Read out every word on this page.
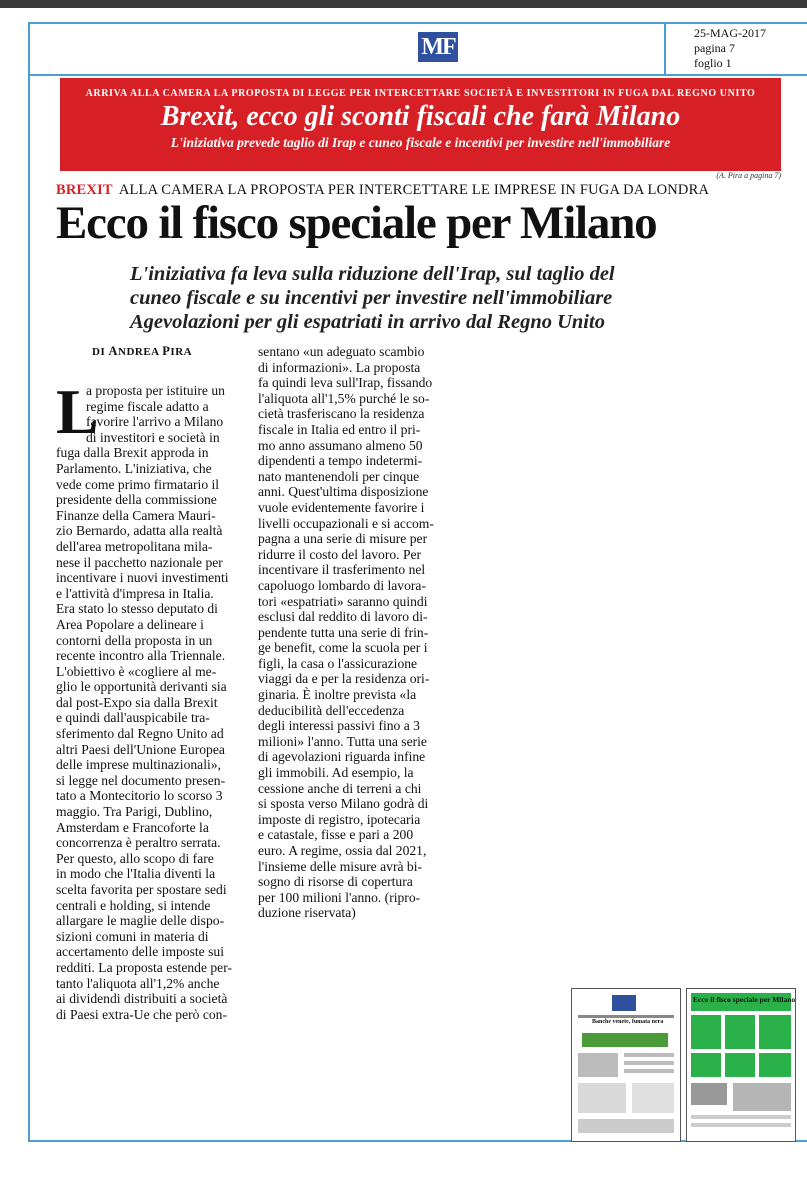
MF
25-MAG-2017
pagina 7
foglio 1
ARRIVA ALLA CAMERA LA PROPOSTA DI LEGGE PER INTERCETTARE SOCIETÀ E INVESTITORI IN FUGA DAL REGNO UNITO
Brexit, ecco gli sconti fiscali che farà Milano
L'iniziativa prevede taglio di Irap e cuneo fiscale e incentivi per investire nell'immobiliare
(A. Pira a pagina 7)
BREXIT ALLA CAMERA LA PROPOSTA PER INTERCETTARE LE IMPRESE IN FUGA DA LONDRA
Ecco il fisco speciale per Milano
L'iniziativa fa leva sulla riduzione dell'Irap, sul taglio del
cuneo fiscale e su incentivi per investire nell'immobiliare
Agevolazioni per gli espatriati in arrivo dal Regno Unito
DI ANDREA PIRA
L
a proposta per istituire un
regime fiscale adatto a
favorire l'arrivo a Milano
di investitori e società in
fuga dalla Brexit approda in
Parlamento. L'iniziativa, che
vede come primo firmatario il
presidente della commissione
Finanze della Camera Mauri-
zio Bernardo, adatta alla realtà
dell'area metropolitana mila-
nese il pacchetto nazionale per
incentivare i nuovi investimenti
e l'attività d'impresa in Italia.
Era stato lo stesso deputato di
Area Popolare a delineare i
contorni della proposta in un
recente incontro alla Triennale.
L'obiettivo è «cogliere al me-
glio le opportunità derivanti sia
dal post-Expo sia dalla Brexit
e quindi dall'auspicabile tra-
sferimento dal Regno Unito ad
altri Paesi dell'Unione Europea
delle imprese multinazionali»,
si legge nel documento presen-
tato a Montecitorio lo scorso 3
maggio. Tra Parigi, Dublino,
Amsterdam e Francoforte la
concorrenza è peraltro serrata.
Per questo, allo scopo di fare
in modo che l'Italia diventi la
scelta favorita per spostare sedi
centrali e holding, si intende
allargare le maglie delle dispo-
sizioni comuni in materia di
accertamento delle imposte sui
redditi. La proposta estende per-
tanto l'aliquota all'1,2% anche
ai dividendi distribuiti a società
di Paesi extra-Ue che però con-
sentano «un adeguato scambio
di informazioni». La proposta
fa quindi leva sull'Irap, fissando
l'aliquota all'1,5% purché le so-
cietà trasferiscano la residenza
fiscale in Italia ed entro il pri-
mo anno assumano almeno 50
dipendenti a tempo indetermi-
nato mantenendoli per cinque
anni. Quest'ultima disposizione
vuole evidentemente favorire i
livelli occupazionali e si accom-
pagna a una serie di misure per
ridurre il costo del lavoro. Per
incentivare il trasferimento nel
capoluogo lombardo di lavora-
tori «espatriati» saranno quindi
esclusi dal reddito di lavoro di-
pendente tutta una serie di frin-
ge benefit, come la scuola per i
figli, la casa o l'assicurazione
viaggi da e per la residenza ori-
ginaria. È inoltre prevista «la
deducibilità dell'eccedenza
degli interessi passivi fino a 3
milioni» l'anno. Tutta una serie
di agevolazioni riguarda infine
gli immobili. Ad esempio, la
cessione anche di terreni a chi
si sposta verso Milano godrà di
imposte di registro, ipotecaria
e catastale, fisse e pari a 200
euro. A regime, ossia dal 2021,
l'insieme delle misure avrà bi-
sogno di risorse di copertura
per 100 milioni l'anno. (ripro-
duzione riservata)
Banche venete, fumata nera
Ecco il fisco speciale per Milano
